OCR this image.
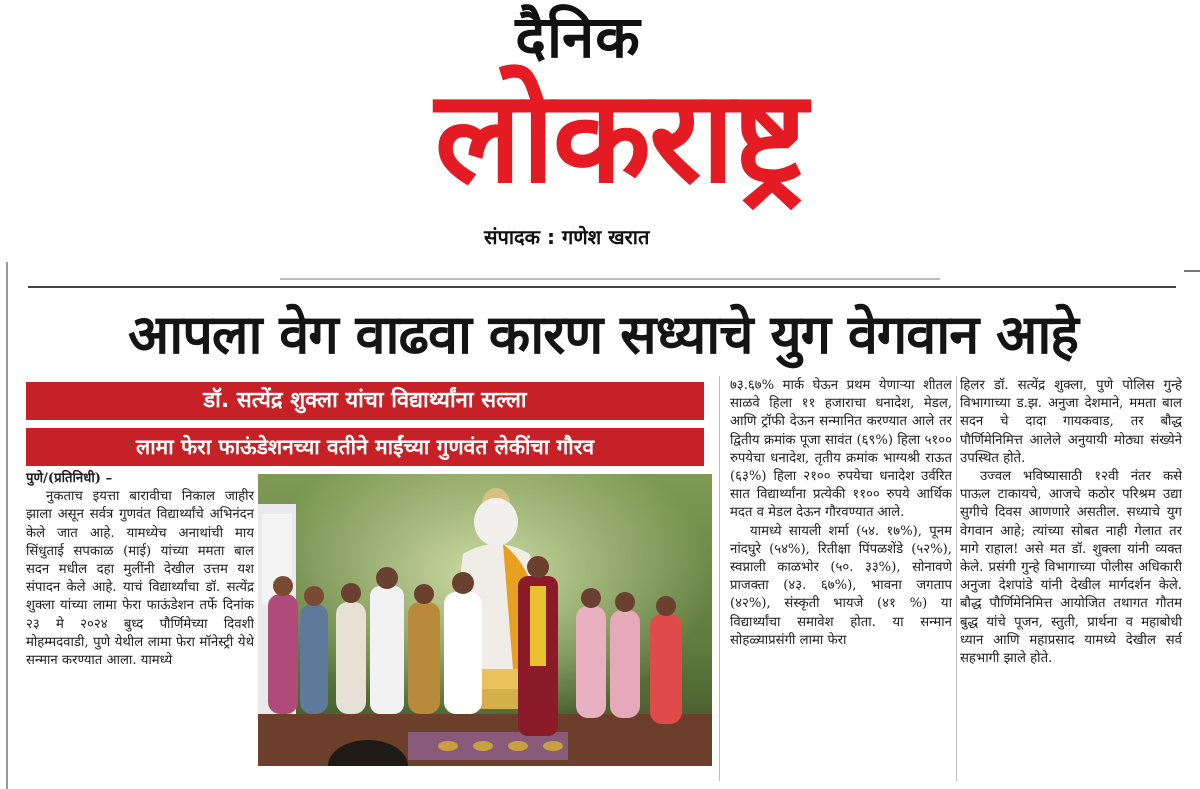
दैनिक
लोकराष्ट्र
संपादक : गणेश खरात
आपला वेग वाढवा कारण सध्याचे युग वेगवान आहे
डॉ. सत्येंद्र शुक्ला यांचा विद्यार्थ्यांना सल्ला
लामा फेरा फाऊंडेशनच्या वतीने माईंच्या गुणवंत लेकींचा गौरव

पुणे/(प्रतिनिधी) –

नुकताच इयत्ता बारावीचा निकाल जाहीर झाला असून सर्वत्र गुणवंत विद्यार्थ्यांचे अभिनंदन केले जात आहे. यामध्येच अनाथांची माय सिंधुताई सपकाळ (माई) यांच्या ममता बाल सदन मधील दहा मुलींनी देखील उत्तम यश संपादन केले आहे. याचं विद्यार्थ्यांचा डॉ. सत्येंद्र शुक्ला यांच्या लामा फेरा फाऊंडेशन तर्फे दिनांक २३ मे २०२४ बुध्द पौर्णिमेच्या दिवशी मोहम्मदवाडी, पुणे येथील लामा फेरा मॉनेस्ट्री येथे सन्मान करण्यात आला. यामध्ये

७३.६७% मार्क घेऊन प्रथम येणाऱ्या शीतल साळवे हिला ११ हजाराचा धनादेश, मेडल, आणि ट्रॉफी देऊन सन्मानित करण्यात आले तर द्वितीय क्रमांक पूजा सावंत (६९%) हिला ५१०० रुपयेचा धनादेश, तृतीय क्रमांक भाग्यश्री राऊत (६३%) हिला २१०० रुपयेचा धनादेश उर्वरित सात विद्यार्थ्यांना प्रत्येकी ११०० रुपये आर्थिक मदत व मेडल देऊन गौरवण्यात आले.

यामध्ये सायली शर्मा (५४. १७%), पूनम नांदघुरे (५४%), रितीक्षा पिंपळशेंडे (५२%), स्वप्नाली काळभोर (५०. ३३%), सोनावणे प्राजक्ता (४३. ६७%), भावना जगताप (४२%), संस्कृती भायजे (४१ %) या विद्यार्थ्यांचा समावेश होता. या सन्मान सोहळ्याप्रसंगी लामा फेरा

हिलर डॉ. सत्येंद्र शुक्ला, पुणे पोलिस गुन्हे विभागाच्या ड.झ. अनुजा देशमाने, ममता बाल सदन चे दादा गायकवाड, तर बौद्ध पौर्णिमेनिमित्त आलेले अनुयायी मोठ्या संख्येने उपस्थित होते.

उज्वल भविष्यासाठी १२वी नंतर कसे पाऊल टाकायचे, आजचे कठोर परिश्रम उद्या सुगीचे दिवस आणणारे असतील. सध्याचे युग वेगवान आहे; त्यांच्या सोबत नाही गेलात तर मागे राहाल! असे मत डॉ. शुक्ला यांनी व्यक्त केले. प्रसंगी गुन्हे विभागाच्या पोलीस अधिकारी अनुजा देशपांडे यांनी देखील मार्गदर्शन केले. बौद्ध पौर्णिमेनिमित्त आयोजित तथागत गौतम बुद्ध यांचे पूजन, स्तुती, प्रार्थना व महाबोधी ध्यान आणि महाप्रसाद यामध्ये देखील सर्व सहभागी झाले होते.
